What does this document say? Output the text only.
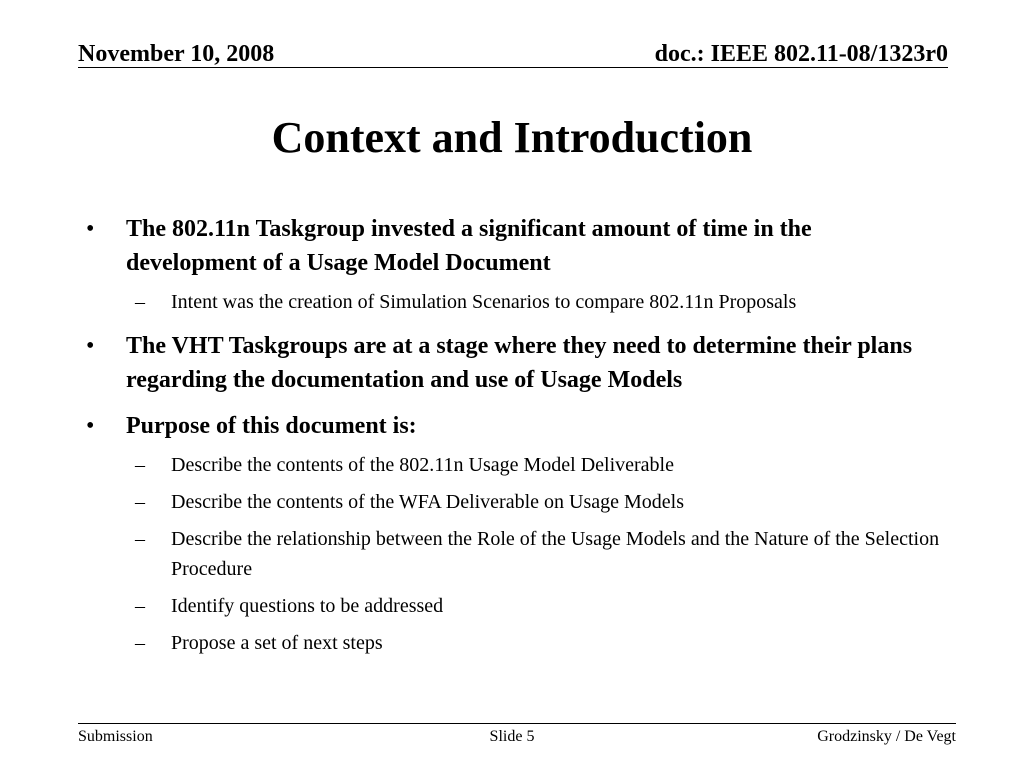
November 10, 2008	doc.: IEEE 802.11-08/1323r0
Context and Introduction
• The 802.11n Taskgroup invested a significant amount of time in the development of a Usage Model Document
– Intent was the creation of Simulation Scenarios to compare 802.11n Proposals
• The VHT Taskgroups are at a stage where they need to determine their plans regarding the documentation and use of Usage Models
• Purpose of this document is:
– Describe the contents of the 802.11n Usage Model Deliverable
– Describe the contents of the WFA Deliverable on Usage Models
– Describe the relationship between the Role of the Usage Models and the Nature of the Selection Procedure
– Identify questions to be addressed
– Propose a set of next steps
Submission	Slide 5	Grodzinsky / De Vegt
